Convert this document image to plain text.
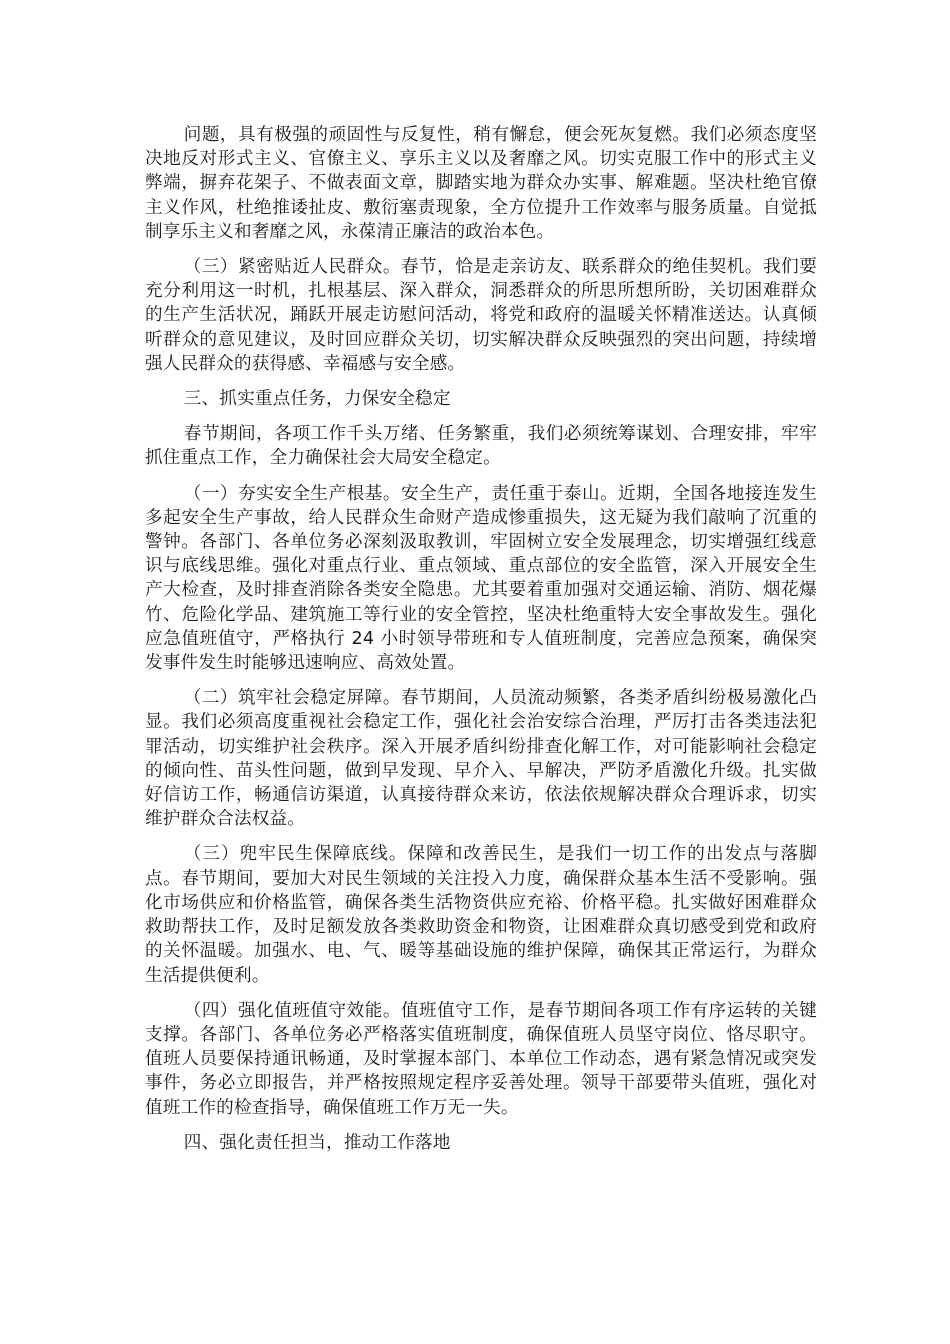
问题，具有极强的顽固性与反复性，稍有懈怠，便会死灰复燃。我们必须态度坚决地反对形式主义、官僚主义、享乐主义以及奢靡之风。切实克服工作中的形式主义弊端，摒弃花架子、不做表面文章，脚踏实地为群众办实事、解难题。坚决杜绝官僚主义作风，杜绝推诿扯皮、敷衍塞责现象，全方位提升工作效率与服务质量。自觉抵制享乐主义和奢靡之风，永葆清正廉洁的政治本色。

（三）紧密贴近人民群众。春节，恰是走亲访友、联系群众的绝佳契机。我们要充分利用这一时机，扎根基层、深入群众，洞悉群众的所思所想所盼，关切困难群众的生产生活状况，踊跃开展走访慰问活动，将党和政府的温暖关怀精准送达。认真倾听群众的意见建议，及时回应群众关切，切实解决群众反映强烈的突出问题，持续增强人民群众的获得感、幸福感与安全感。

三、抓实重点任务，力保安全稳定

春节期间，各项工作千头万绪、任务繁重，我们必须统筹谋划、合理安排，牢牢抓住重点工作，全力确保社会大局安全稳定。

（一）夯实安全生产根基。安全生产，责任重于泰山。近期，全国各地接连发生多起安全生产事故，给人民群众生命财产造成惨重损失，这无疑为我们敲响了沉重的警钟。各部门、各单位务必深刻汲取教训，牢固树立安全发展理念，切实增强红线意识与底线思维。强化对重点行业、重点领域、重点部位的安全监管，深入开展安全生产大检查，及时排查消除各类安全隐患。尤其要着重加强对交通运输、消防、烟花爆竹、危险化学品、建筑施工等行业的安全管控，坚决杜绝重特大安全事故发生。强化应急值班值守，严格执行 24 小时领导带班和专人值班制度，完善应急预案，确保突发事件发生时能够迅速响应、高效处置。

（二）筑牢社会稳定屏障。春节期间，人员流动频繁，各类矛盾纠纷极易激化凸显。我们必须高度重视社会稳定工作，强化社会治安综合治理，严厉打击各类违法犯罪活动，切实维护社会秩序。深入开展矛盾纠纷排查化解工作，对可能影响社会稳定的倾向性、苗头性问题，做到早发现、早介入、早解决，严防矛盾激化升级。扎实做好信访工作，畅通信访渠道，认真接待群众来访，依法依规解决群众合理诉求，切实维护群众合法权益。

（三）兜牢民生保障底线。保障和改善民生，是我们一切工作的出发点与落脚点。春节期间，要加大对民生领域的关注投入力度，确保群众基本生活不受影响。强化市场供应和价格监管，确保各类生活物资供应充裕、价格平稳。扎实做好困难群众救助帮扶工作，及时足额发放各类救助资金和物资，让困难群众真切感受到党和政府的关怀温暖。加强水、电、气、暖等基础设施的维护保障，确保其正常运行，为群众生活提供便利。

（四）强化值班值守效能。值班值守工作，是春节期间各项工作有序运转的关键支撑。各部门、各单位务必严格落实值班制度，确保值班人员坚守岗位、恪尽职守。值班人员要保持通讯畅通，及时掌握本部门、本单位工作动态，遇有紧急情况或突发事件，务必立即报告，并严格按照规定程序妥善处理。领导干部要带头值班，强化对值班工作的检查指导，确保值班工作万无一失。

四、强化责任担当，推动工作落地
